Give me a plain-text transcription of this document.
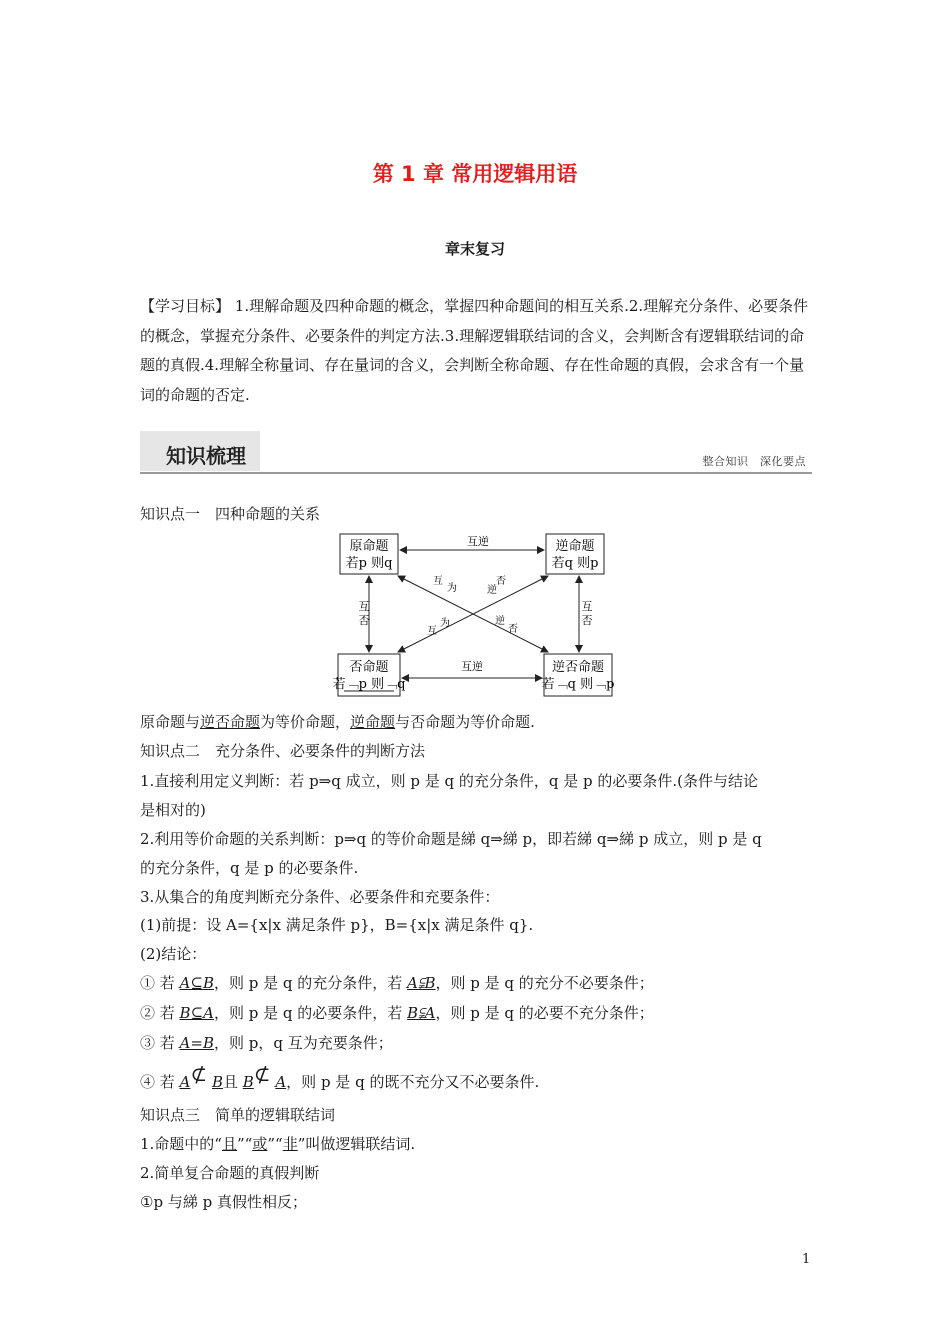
第 1 章 常用逻辑用语
章末复习
【学习目标】 1.理解命题及四种命题的概念，掌握四种命题间的相互关系.2.理解充分条件、必要条件的概念，掌握充分条件、必要条件的判定方法.3.理解逻辑联结词的含义，会判断含有逻辑联结词的命题的真假.4.理解全称量词、存在量词的含义，会判断全称命题、存在性命题的真假，会求含有一个量词的命题的否定.
知识梳理	整合知识　深化要点
知识点一　四种命题的关系
原命题
若p 则q
逆命题
若q 则p
否命题
若﹁p 则﹁q
逆否命题
若﹁q 则﹁p
互逆
互逆
互
否
互
否
互
为
否
逆
为
互
逆
否
原命题与逆否命题为等价命题，逆命题与否命题为等价命题.
知识点二　充分条件、必要条件的判断方法
1.直接利用定义判断：若 p⇒q 成立，则 p 是 q 的充分条件，q 是 p 的必要条件.(条件与结论
是相对的)
2.利用等价命题的关系判断：p⇒q 的等价命题是綈 q⇒綈 p，即若綈 q⇒綈 p 成立，则 p 是 q
的充分条件，q 是 p 的必要条件.
3.从集合的角度判断充分条件、必要条件和充要条件：
(1)前提：设 A={x|x 满足条件 p}，B={x|x 满足条件 q}.
(2)结论：
① 若 A⊆B，则 p 是 q 的充分条件，若 A⫋B，则 p 是 q 的充分不必要条件；
② 若 B⊆A，则 p 是 q 的必要条件，若 B⫋A，则 p 是 q 的必要不充分条件；
③ 若 A=B，则 p，q 互为充要条件；
④ 若 A⊄ B且 B⊄ A，则 p 是 q 的既不充分又不必要条件.
知识点三　简单的逻辑联结词
1.命题中的“且”“或”“非”叫做逻辑联结词.
2.简单复合命题的真假判断
①p 与綈 p 真假性相反；
1
